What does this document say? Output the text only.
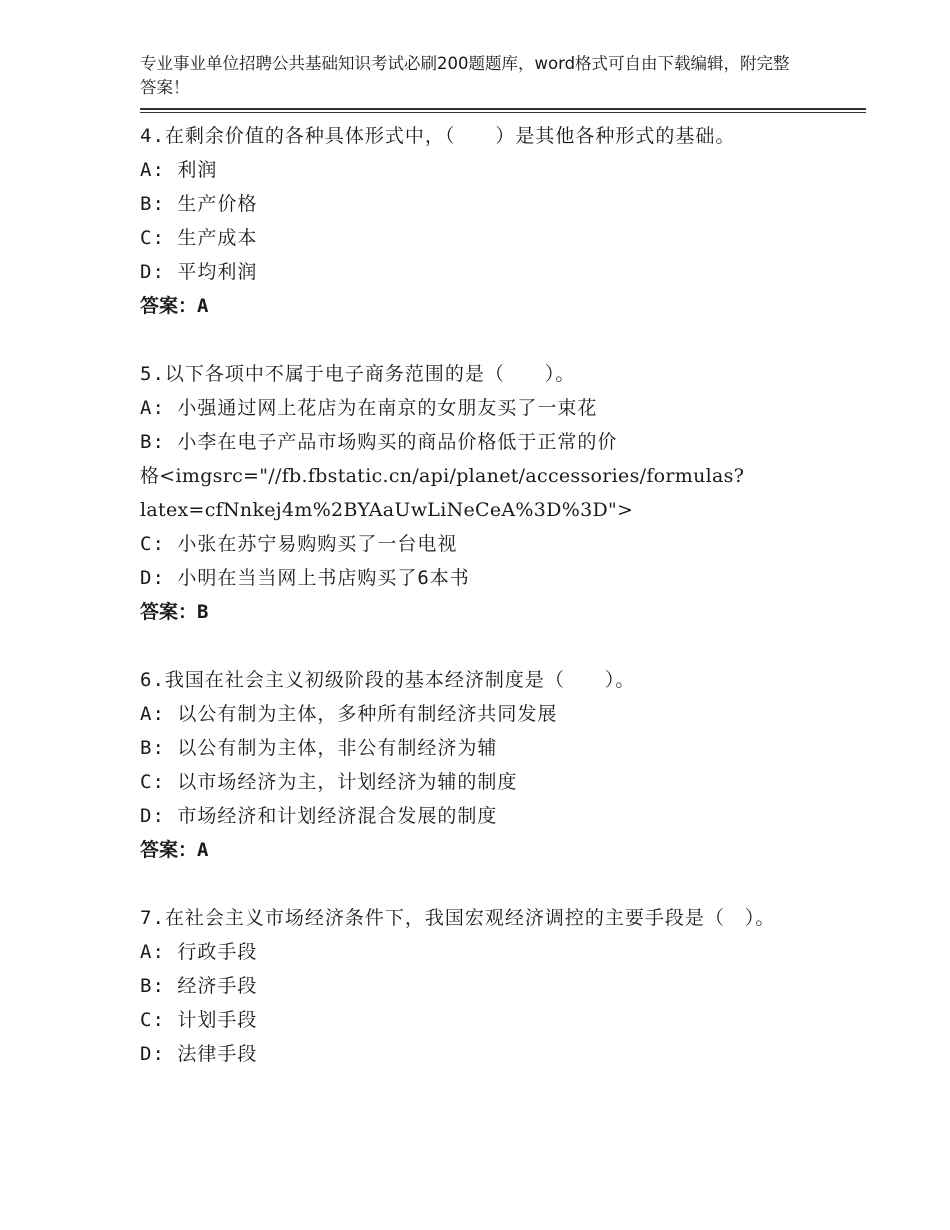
专业事业单位招聘公共基础知识考试必刷200题题库，word格式可自由下载编辑，附完整答案！
4.在剩余价值的各种具体形式中，（　　）是其他各种形式的基础。
A: 利润
B: 生产价格
C: 生产成本
D: 平均利润
答案：A
5.以下各项中不属于电子商务范围的是（　　）。
A: 小强通过网上花店为在南京的女朋友买了一束花
B: 小李在电子产品市场购买的商品价格低于正常的价
格<imgsrc="//fb.fbstatic.cn/api/planet/accessories/formulas?
latex=cfNnkej4m%2BYAaUwLiNeCeA%3D%3D">
C: 小张在苏宁易购购买了一台电视
D: 小明在当当网上书店购买了6本书
答案：B
6.我国在社会主义初级阶段的基本经济制度是（　　）。
A: 以公有制为主体，多种所有制经济共同发展
B: 以公有制为主体，非公有制经济为辅
C: 以市场经济为主，计划经济为辅的制度
D: 市场经济和计划经济混合发展的制度
答案：A
7.在社会主义市场经济条件下，我国宏观经济调控的主要手段是（　）。
A: 行政手段
B: 经济手段
C: 计划手段
D: 法律手段
